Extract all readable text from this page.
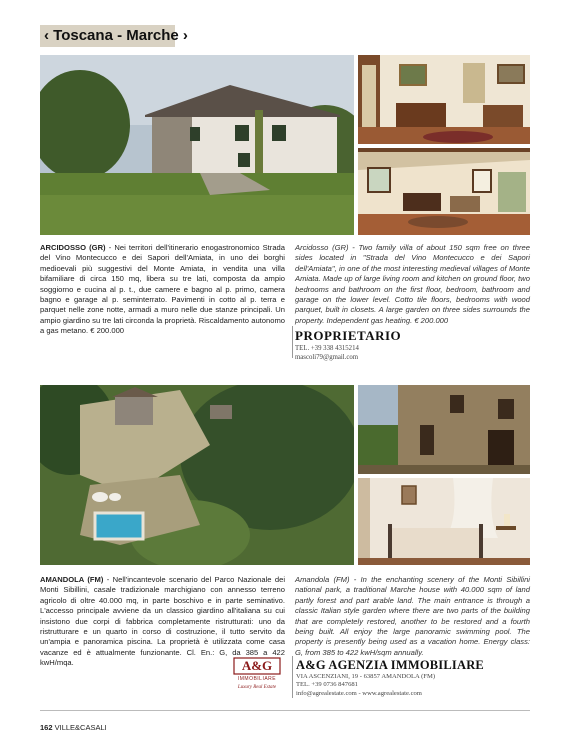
‹ Toscana - Marche ›
ARCIDOSSO (GR) - Nei territori dell'itinerario enogastronomico Strada del Vino Montecucco e dei Sapori dell'Amiata, in uno dei borghi medioevali più suggestivi del Monte Amiata, in vendita una villa bifamiliare di circa 150 mq, libera su tre lati, composta da ampio soggiorno e cucina al p. t., due camere e bagno al p. primo, camera bagno e garage al p. seminterrato. Pavimenti in cotto al p. terra e parquet nelle zone notte, armadi a muro nelle due stanze principali. Un ampio giardino su tre lati circonda la proprietà. Riscaldamento autonomo a gas metano. € 200.000
Arcidosso (GR) - Two family villa of about 150 sqm free on three sides located in "Strada del Vino Montecucco e dei Sapori dell'Amiata", in one of the most interesting medieval villages of Monte Amiata. Made up of large living room and kitchen on ground floor, two bedrooms and bathroom on the first floor, bedroom, bathroom and garage on the lower level. Cotto tile floors, bedrooms with wood parquet, built in closets. A large garden on three sides surrounds the property. Independent gas heating. € 200.000
PROPRIETARIO
TEL. +39 338 4315214
mascoli79@gmail.com
AMANDOLA (FM) - Nell'incantevole scenario del Parco Nazionale dei Monti Sibillini, casale tradizionale marchigiano con annesso terreno agricolo di oltre 40.000 mq, in parte boschivo e in parte seminativo. L'accesso principale avviene da un classico giardino all'italiana su cui insistono due corpi di fabbrica completamente ristrutturati: uno da ristrutturare e un quarto in corso di costruzione, il tutto servito da un'ampia e panoramica piscina. La proprietà è utilizzata come casa vacanze ed è attualmente funzionante. Cl. En.: G, da 385 a 422 kwH/mqa.
Amandola (FM) - In the enchanting scenery of the Monti Sibillini national park, a traditional Marche house with 40.000 sqm of land partly forest and part arable land. The main entrance is through a classic Italian style garden where there are two parts of the building that are completely restored, another to be restored and a fourth being built. All enjoy the large panoramic swimming pool. The property is presently being used as a vacation home. Energy class: G, from 385 to 422 kwH/sqm annually.
A&G
IMMOBILIARE
Luxury Real Estate
A&G AGENZIA IMMOBILIARE
VIA ASCENZIANI, 19 - 63857 AMANDOLA (FM)
TEL. +39 0736 847681
info@agrealestate.com - www.agrealestate.com
162 VILLE&CASALI
